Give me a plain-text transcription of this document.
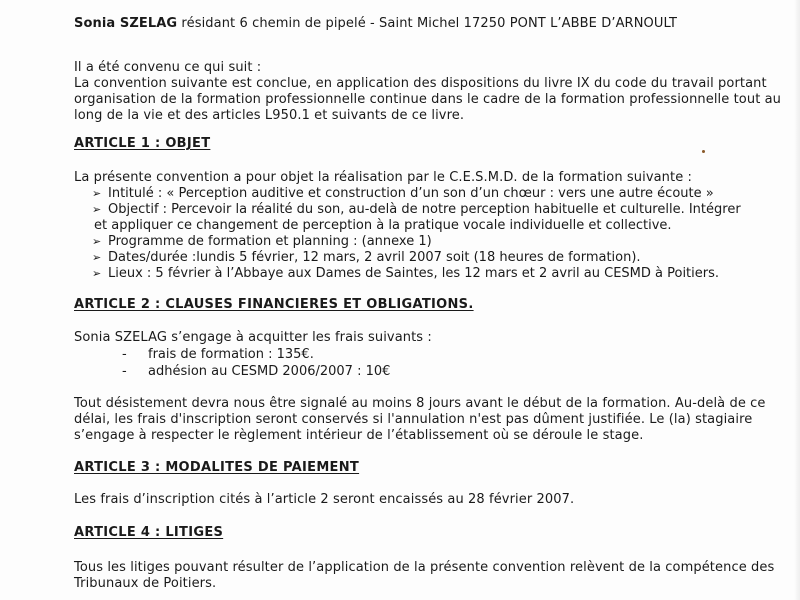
Sonia SZELAG résidant 6 chemin de pipelé - Saint Michel 17250 PONT L’ABBE D’ARNOULT
Il a été convenu ce qui suit :
La convention suivante est conclue, en application des dispositions du livre IX du code du travail portant
organisation de la formation professionnelle continue dans le cadre de la formation professionnelle tout au
long de la vie et des articles L950.1 et suivants de ce livre.
ARTICLE 1 : OBJET
La présente convention a pour objet la réalisation par le C.E.S.M.D. de la formation suivante :
➢ Intitulé : « Perception auditive et construction d’un son d’un chœur : vers une autre écoute »
➢ Objectif : Percevoir la réalité du son, au-delà de notre perception habituelle et culturelle. Intégrer
et appliquer ce changement de perception à la pratique vocale individuelle et collective.
➢ Programme de formation et planning : (annexe 1)
➢ Dates/durée :lundis 5 février, 12 mars, 2 avril 2007 soit (18 heures de formation).
➢ Lieux : 5 février à l’Abbaye aux Dames de Saintes, les 12 mars et 2 avril au CESMD à Poitiers.
ARTICLE 2 : CLAUSES FINANCIERES ET OBLIGATIONS.
Sonia SZELAG s’engage à acquitter les frais suivants :
- frais de formation : 135€.
- adhésion au CESMD 2006/2007 : 10€
Tout désistement devra nous être signalé au moins 8 jours avant le début de la formation. Au-delà de ce
délai, les frais d'inscription seront conservés si l'annulation n'est pas dûment justifiée. Le (la) stagiaire
s’engage à respecter le règlement intérieur de l’établissement où se déroule le stage.
ARTICLE 3 : MODALITES DE PAIEMENT
Les frais d’inscription cités à l’article 2 seront encaissés au 28 février 2007.
ARTICLE 4 : LITIGES
Tous les litiges pouvant résulter de l’application de la présente convention relèvent de la compétence des
Tribunaux de Poitiers.
